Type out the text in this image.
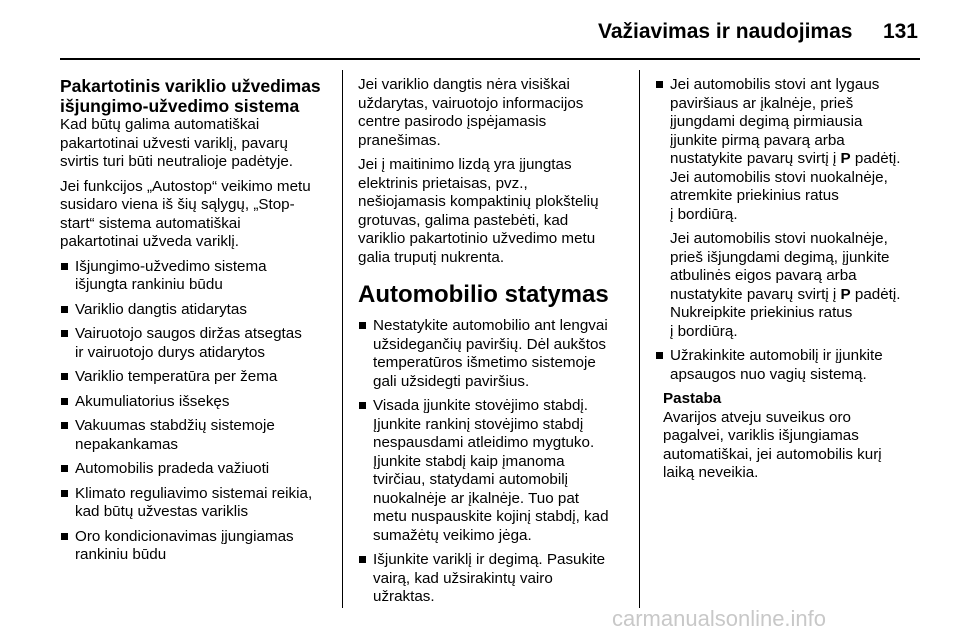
Važiavimas ir naudojimas 131
Pakartotinis variklio užvedimas
išjungimo-užvedimo sistema

Kad būtų galima automatiškai
pakartotinai užvesti variklį, pavarų
svirtis turi būti neutralioje padėtyje.

Jei funkcijos „Autostop“ veikimo metu
susidaro viena iš šių sąlygų, „Stop-
start“ sistema automatiškai
pakartotinai užveda variklį.

Išjungimo-užvedimo sistema
išjungta rankiniu būdu
Variklio dangtis atidarytas
Vairuotojo saugos diržas atsegtas
ir vairuotojo durys atidarytos
Variklio temperatūra per žema
Akumuliatorius išsekęs
Vakuumas stabdžių sistemoje
nepakankamas
Automobilis pradeda važiuoti
Klimato reguliavimo sistemai reikia,
kad būtų užvestas variklis
Oro kondicionavimas įjungiamas
rankiniu būdu

Jei variklio dangtis nėra visiškai
uždarytas, vairuotojo informacijos
centre pasirodo įspėjamasis
pranešimas.

Jei į maitinimo lizdą yra įjungtas
elektrinis prietaisas, pvz.,
nešiojamasis kompaktinių plokštelių
grotuvas, galima pastebėti, kad
variklio pakartotinio užvedimo metu
galia truputį nukrenta.

Automobilio statymas
Nestatykite automobilio ant lengvai
užsidegančių paviršių. Dėl aukštos
temperatūros išmetimo sistemoje
gali užsidegti paviršius.
Visada įjunkite stovėjimo stabdį.
Įjunkite rankinį stovėjimo stabdį
nespausdami atleidimo mygtuko.
Įjunkite stabdį kaip įmanoma
tvirčiau, statydami automobilį
nuokalnėje ar įkalnėje. Tuo pat
metu nuspauskite kojinį stabdį, kad
sumažėtų veikimo jėga.
Išjunkite variklį ir degimą. Pasukite
vairą, kad užsirakintų vairo
užraktas.
Jei automobilis stovi ant lygaus
paviršiaus ar įkalnėje, prieš
įjungdami degimą pirmiausia
įjunkite pirmą pavarą arba
nustatykite pavarų svirtį į P padėtį.
Jei automobilis stovi nuokalnėje,
atremkite priekinius ratus
į bordiūrą.
Jei automobilis stovi nuokalnėje,
prieš išjungdami degimą, įjunkite
atbulinės eigos pavarą arba
nustatykite pavarų svirtį į P padėtį.
Nukreipkite priekinius ratus
į bordiūrą.
Užrakinkite automobilį ir įjunkite
apsaugos nuo vagių sistemą.

Pastaba

Avarijos atveju suveikus oro
pagalvei, variklis išjungiamas
automatiškai, jei automobilis kurį
laiką neveikia.

carmanualsonline.info
